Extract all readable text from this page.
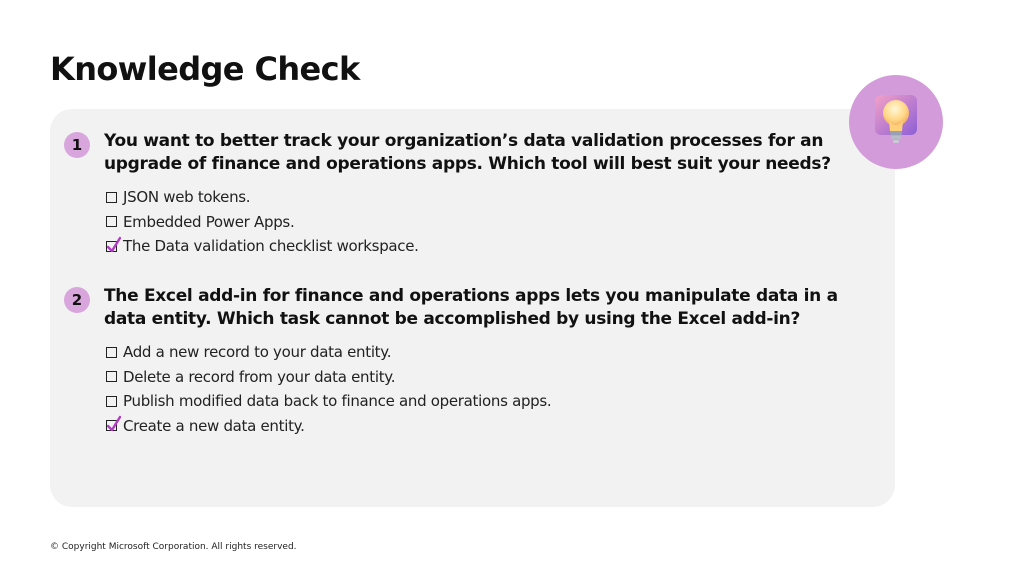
Knowledge Check
1	You want to better track your organization’s data validation processes for an upgrade of finance and operations apps. Which tool will best suit your needs?
JSON web tokens.
Embedded Power Apps.
The Data validation checklist workspace.
2	The Excel add-in for finance and operations apps lets you manipulate data in a data entity. Which task cannot be accomplished by using the Excel add-in?
Add a new record to your data entity.
Delete a record from your data entity.
Publish modified data back to finance and operations apps.
Create a new data entity.
© Copyright Microsoft Corporation. All rights reserved.
